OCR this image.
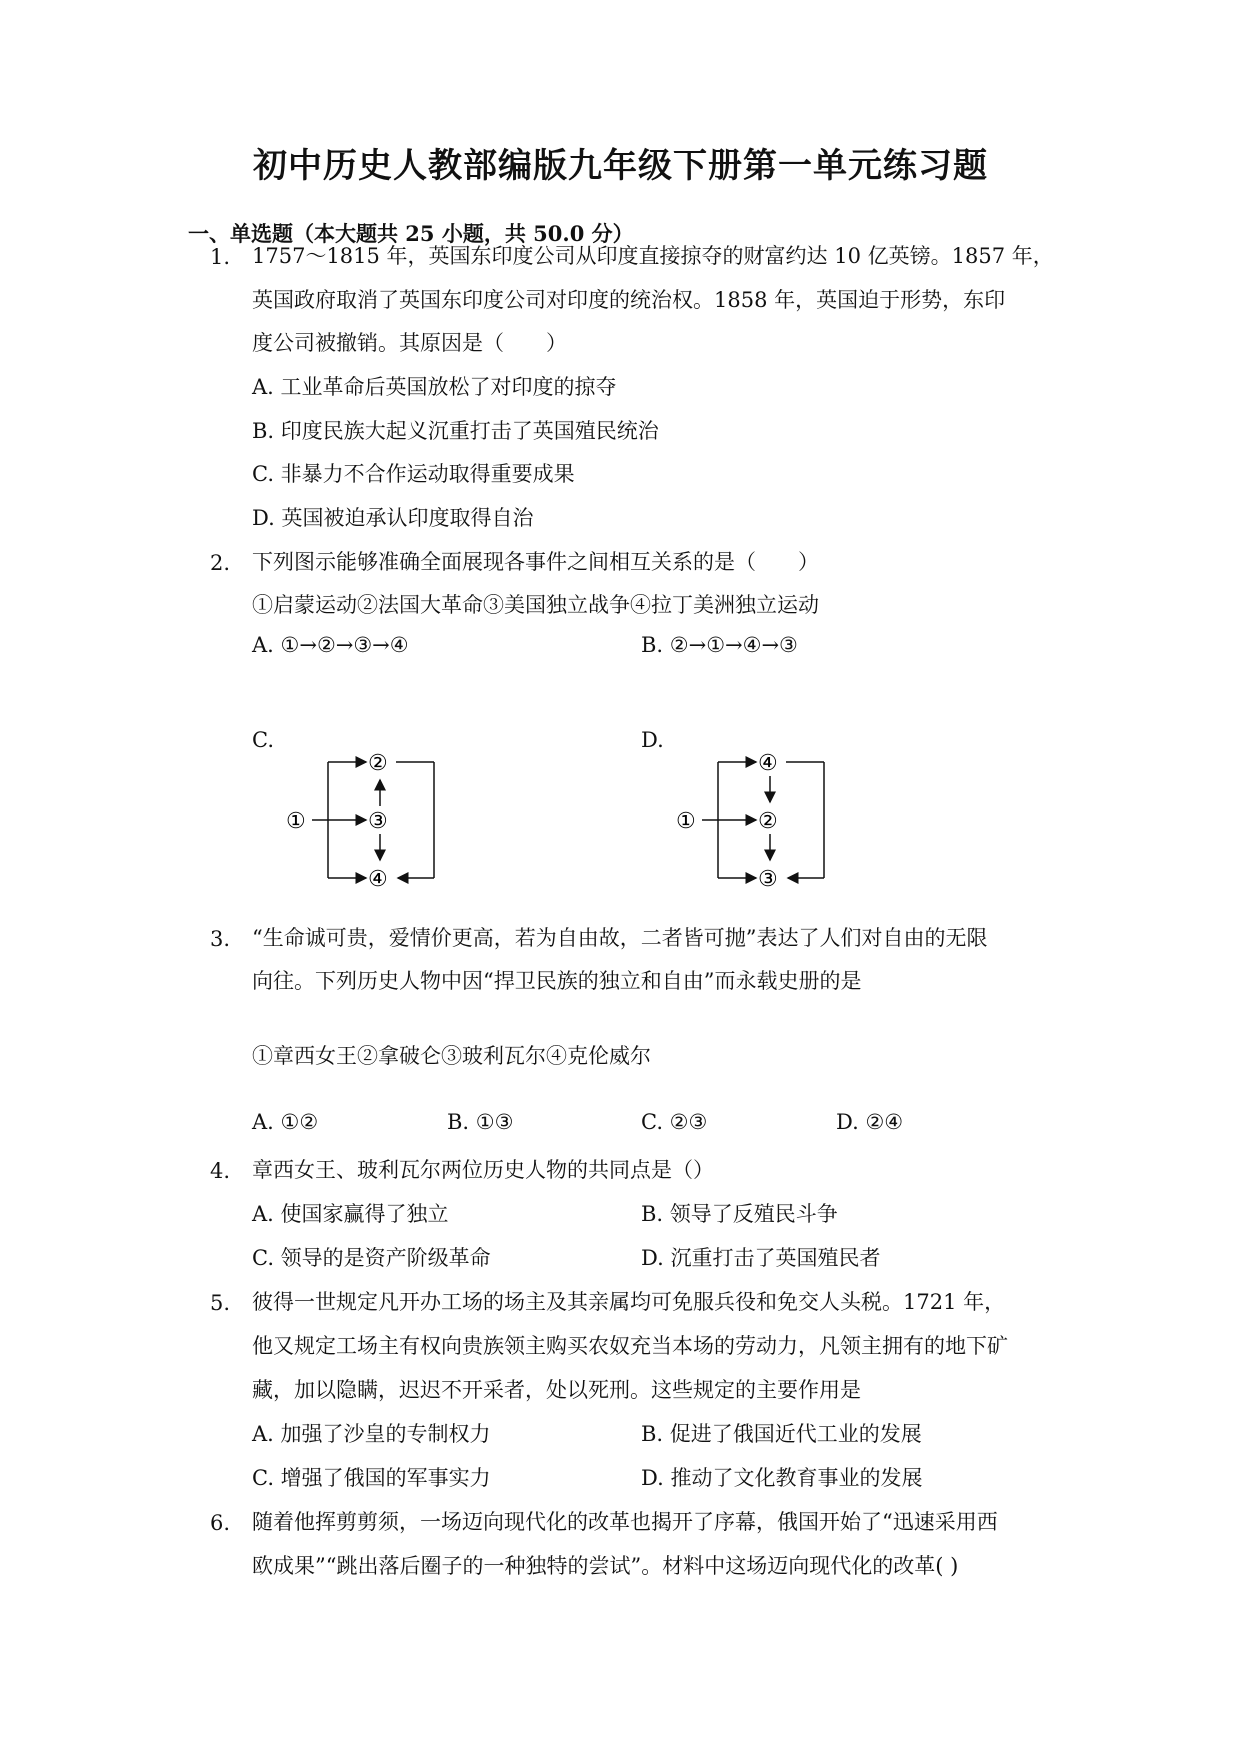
初中历史人教部编版九年级下册第一单元练习题
一、单选题（本大题共 25 小题，共 50.0 分）
1. 1757～1815 年，英国东印度公司从印度直接掠夺的财富约达 10 亿英镑。1857 年，
英国政府取消了英国东印度公司对印度的统治权。1858 年，英国迫于形势，东印
度公司被撤销。其原因是（　　）
A. 工业革命后英国放松了对印度的掠夺
B. 印度民族大起义沉重打击了英国殖民统治
C. 非暴力不合作运动取得重要成果
D. 英国被迫承认印度取得自治
2. 下列图示能够准确全面展现各事件之间相互关系的是（　　）
①启蒙运动②法国大革命③美国独立战争④拉丁美洲独立运动
A. ①→②→③→④	B. ②→①→④→③
C.	D.
①
②
③
④
①
④
②
③
3. “生命诚可贵，爱情价更高，若为自由故，二者皆可抛”表达了人们对自由的无限
向往。下列历史人物中因“捍卫民族的独立和自由”而永载史册的是
①章西女王②拿破仑③玻利瓦尔④克伦威尔
A. ①②	B. ①③	C. ②③	D. ②④
4. 章西女王、玻利瓦尔两位历史人物的共同点是（）
A. 使国家赢得了独立	B. 领导了反殖民斗争
C. 领导的是资产阶级革命	D. 沉重打击了英国殖民者
5. 彼得一世规定凡开办工场的场主及其亲属均可免服兵役和免交人头税。1721 年，
他又规定工场主有权向贵族领主购买农奴充当本场的劳动力，凡领主拥有的地下矿
藏，加以隐瞒，迟迟不开采者，处以死刑。这些规定的主要作用是
A. 加强了沙皇的专制权力	B. 促进了俄国近代工业的发展
C. 增强了俄国的军事实力	D. 推动了文化教育事业的发展
6. 随着他挥剪剪须，一场迈向现代化的改革也揭开了序幕，俄国开始了“迅速采用西
欧成果”“跳出落后圈子的一种独特的尝试”。材料中这场迈向现代化的改革( )
